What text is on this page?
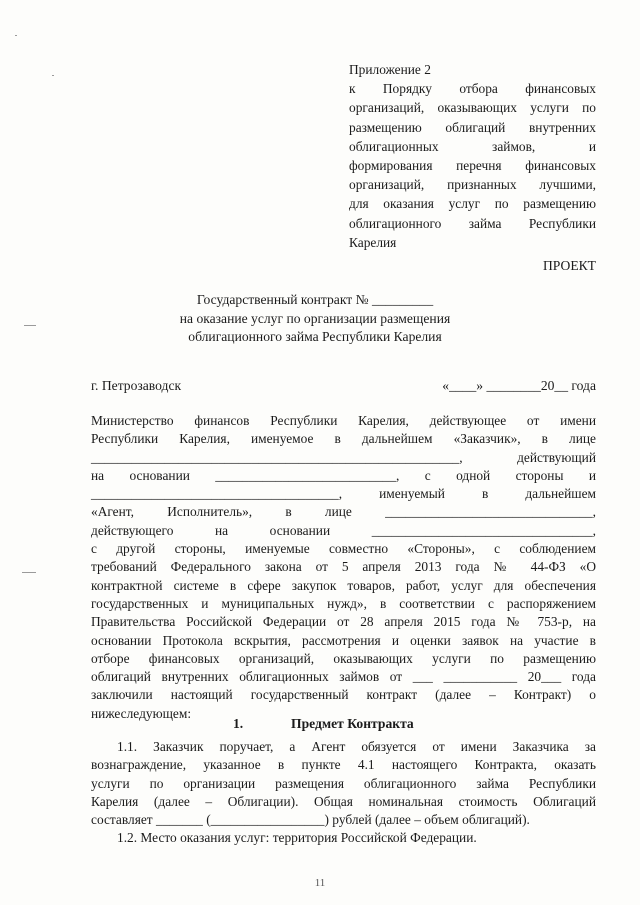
Приложение 2
к Порядку отбора финансовых
организаций, оказывающих услуги по
размещению облигаций внутренних
облигационных займов, и
формирования перечня финансовых
организаций, признанных лучшими,
для оказания услуг по размещению
облигационного займа Республики
Карелия
ПРОЕКТ
Государственный контракт № _________
на оказание услуг по организации размещения
облигационного займа Республики Карелия
г. Петрозаводск	«____» ________20__ года
Министерство финансов Республики Карелия, действующее от имени
Республики Карелия, именуемое в дальнейшем «Заказчик», в лице
_______________________________________________________, действующий
на основании ___________________________, с одной стороны и
_____________________________________, именуемый в дальнейшем
«Агент, Исполнитель», в лице _______________________________,
действующего на основании _________________________________,
с другой стороны, именуемые совместно «Стороны», с соблюдением
требований Федерального закона от 5 апреля 2013 года № 44-ФЗ «О
контрактной системе в сфере закупок товаров, работ, услуг для обеспечения
государственных и муниципальных нужд», в соответствии с распоряжением
Правительства Российской Федерации от 28 апреля 2015 года № 753-р, на
основании Протокола вскрытия, рассмотрения и оценки заявок на участие в
отборе финансовых организаций, оказывающих услуги по размещению
облигаций внутренних облигационных займов от ___ ___________ 20___ года
заключили настоящий государственный контракт (далее – Контракт) о
нижеследующем:
1.	Предмет Контракта
1.1. Заказчик поручает, а Агент обязуется от имени Заказчика за
вознаграждение, указанное в пункте 4.1 настоящего Контракта, оказать
услуги по организации размещения облигационного займа Республики
Карелия (далее – Облигации). Общая номинальная стоимость Облигаций
составляет _______ (_________________) рублей (далее – объем облигаций).
1.2. Место оказания услуг: территория Российской Федерации.
11
